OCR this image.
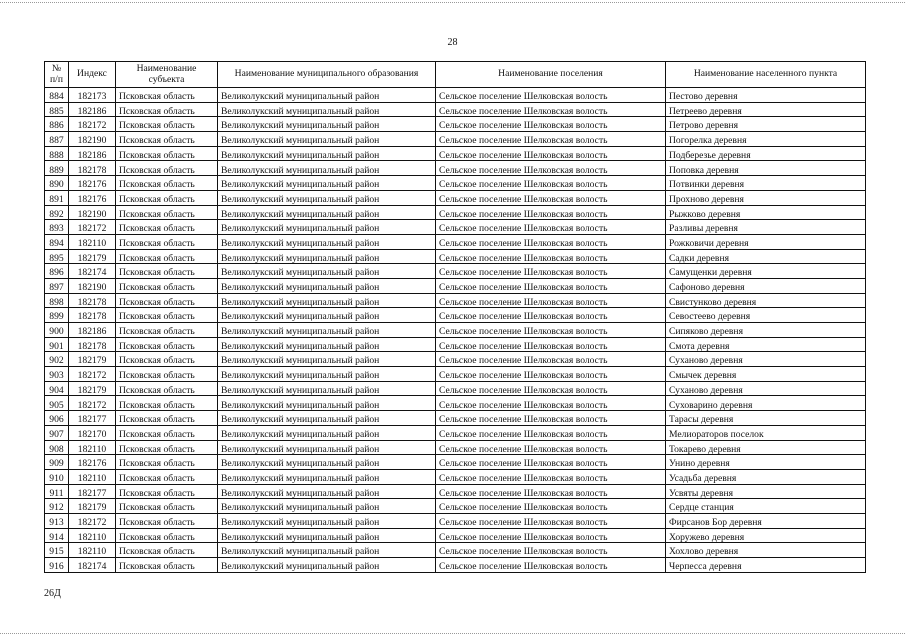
28
№ п/п	Индекс	Наименование субъекта	Наименование муниципального образования	Наименование поселения	Наименование населенного пункта
884	182173	Псковская область	Великолукский муниципальный район	Сельское поселение Шелковская волость	Пестово деревня
885	182186	Псковская область	Великолукский муниципальный район	Сельское поселение Шелковская волость	Петреево деревня
886	182172	Псковская область	Великолукский муниципальный район	Сельское поселение Шелковская волость	Петрово деревня
887	182190	Псковская область	Великолукский муниципальный район	Сельское поселение Шелковская волость	Погорелка деревня
888	182186	Псковская область	Великолукский муниципальный район	Сельское поселение Шелковская волость	Подберезье деревня
889	182178	Псковская область	Великолукский муниципальный район	Сельское поселение Шелковская волость	Поповка деревня
890	182176	Псковская область	Великолукский муниципальный район	Сельское поселение Шелковская волость	Потвинки деревня
891	182176	Псковская область	Великолукский муниципальный район	Сельское поселение Шелковская волость	Прохново деревня
892	182190	Псковская область	Великолукский муниципальный район	Сельское поселение Шелковская волость	Рыжково деревня
893	182172	Псковская область	Великолукский муниципальный район	Сельское поселение Шелковская волость	Разливы деревня
894	182110	Псковская область	Великолукский муниципальный район	Сельское поселение Шелковская волость	Рожковичи деревня
895	182179	Псковская область	Великолукский муниципальный район	Сельское поселение Шелковская волость	Садки деревня
896	182174	Псковская область	Великолукский муниципальный район	Сельское поселение Шелковская волость	Самущенки деревня
897	182190	Псковская область	Великолукский муниципальный район	Сельское поселение Шелковская волость	Сафоново деревня
898	182178	Псковская область	Великолукский муниципальный район	Сельское поселение Шелковская волость	Свистунково деревня
899	182178	Псковская область	Великолукский муниципальный район	Сельское поселение Шелковская волость	Севостеево деревня
900	182186	Псковская область	Великолукский муниципальный район	Сельское поселение Шелковская волость	Сипяково деревня
901	182178	Псковская область	Великолукский муниципальный район	Сельское поселение Шелковская волость	Смота деревня
902	182179	Псковская область	Великолукский муниципальный район	Сельское поселение Шелковская волость	Суханово деревня
903	182172	Псковская область	Великолукский муниципальный район	Сельское поселение Шелковская волость	Смычек деревня
904	182179	Псковская область	Великолукский муниципальный район	Сельское поселение Шелковская волость	Суханово деревня
905	182172	Псковская область	Великолукский муниципальный район	Сельское поселение Шелковская волость	Суховарино деревня
906	182177	Псковская область	Великолукский муниципальный район	Сельское поселение Шелковская волость	Тарасы деревня
907	182170	Псковская область	Великолукский муниципальный район	Сельское поселение Шелковская волость	Мелиораторов поселок
908	182110	Псковская область	Великолукский муниципальный район	Сельское поселение Шелковская волость	Токарево деревня
909	182176	Псковская область	Великолукский муниципальный район	Сельское поселение Шелковская волость	Унино деревня
910	182110	Псковская область	Великолукский муниципальный район	Сельское поселение Шелковская волость	Усадьба деревня
911	182177	Псковская область	Великолукский муниципальный район	Сельское поселение Шелковская волость	Усвяты деревня
912	182179	Псковская область	Великолукский муниципальный район	Сельское поселение Шелковская волость	Сердце станция
913	182172	Псковская область	Великолукский муниципальный район	Сельское поселение Шелковская волость	Фирсанов Бор деревня
914	182110	Псковская область	Великолукский муниципальный район	Сельское поселение Шелковская волость	Хоружево деревня
915	182110	Псковская область	Великолукский муниципальный район	Сельское поселение Шелковская волость	Хохлово деревня
916	182174	Псковская область	Великолукский муниципальный район	Сельское поселение Шелковская волость	Черпесса деревня
26Д
